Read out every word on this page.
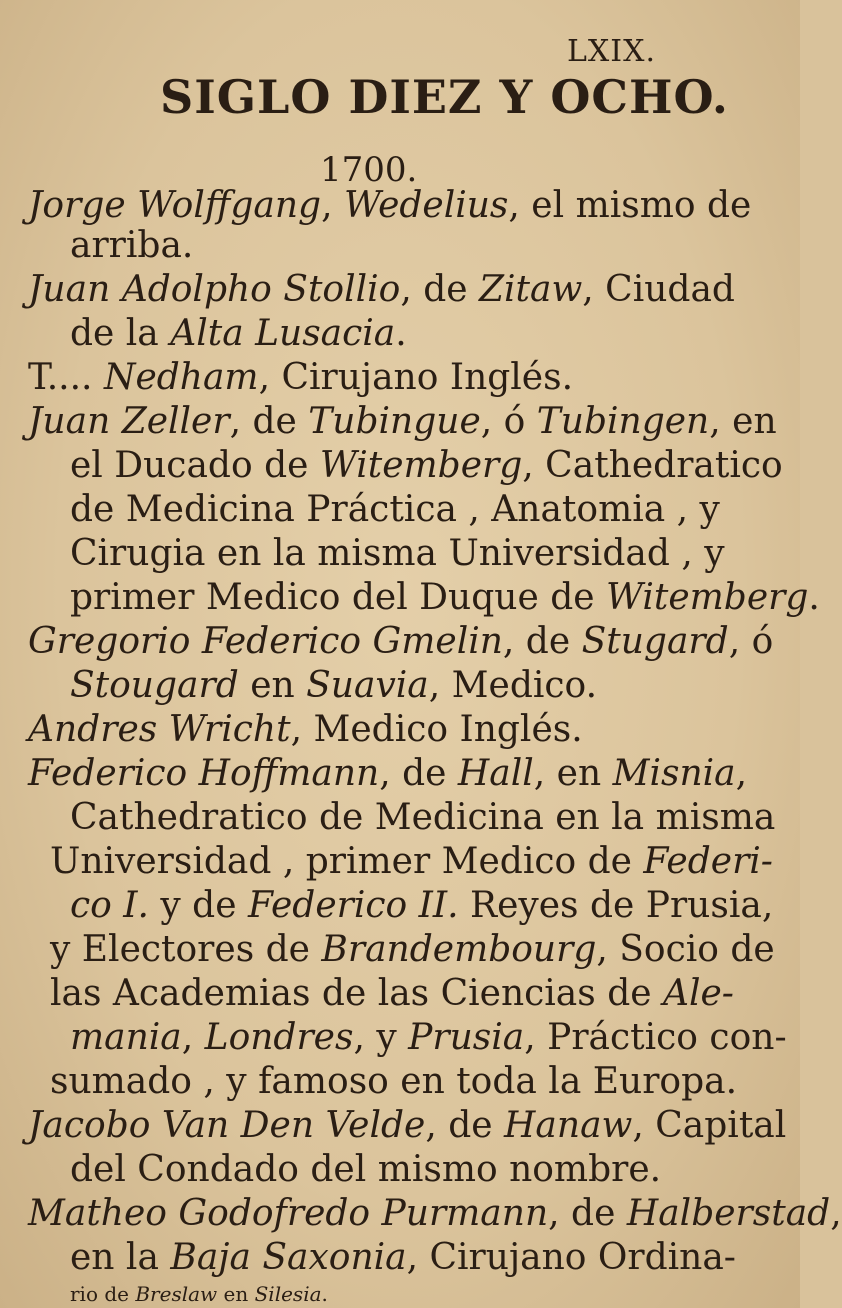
LXIX.
SIGLO DIEZ Y OCHO.
1700.
Jorge Wolffgang, Wedelius, el mismo de
arriba.
Juan Adolpho Stollio, de Zitaw, Ciudad
de la Alta Lusacia.
T.... Nedham, Cirujano Inglés.
Juan Zeller, de Tubingue, ó Tubingen, en
el Ducado de Witemberg, Cathedratico
de Medicina Práctica , Anatomia , y
Cirugia en la misma Universidad , y
primer Medico del Duque de Witemberg.
Gregorio Federico Gmelin, de Stugard, ó
Stougard en Suavia, Medico.
Andres Wricht, Medico Inglés.
Federico Hoffmann, de Hall, en Misnia,
Cathedratico de Medicina en la misma
Universidad , primer Medico de Federi-
co I. y de Federico II. Reyes de Prusia,
y Electores de Brandembourg, Socio de
las Academias de las Ciencias de Ale-
mania, Londres, y Prusia, Práctico con-
sumado , y famoso en toda la Europa.
Jacobo Van Den Velde, de Hanaw, Capital
del Condado del mismo nombre.
Matheo Godofredo Purmann, de Halberstad,
en la Baja Saxonia, Cirujano Ordina-
rio de Breslaw en Silesia.
